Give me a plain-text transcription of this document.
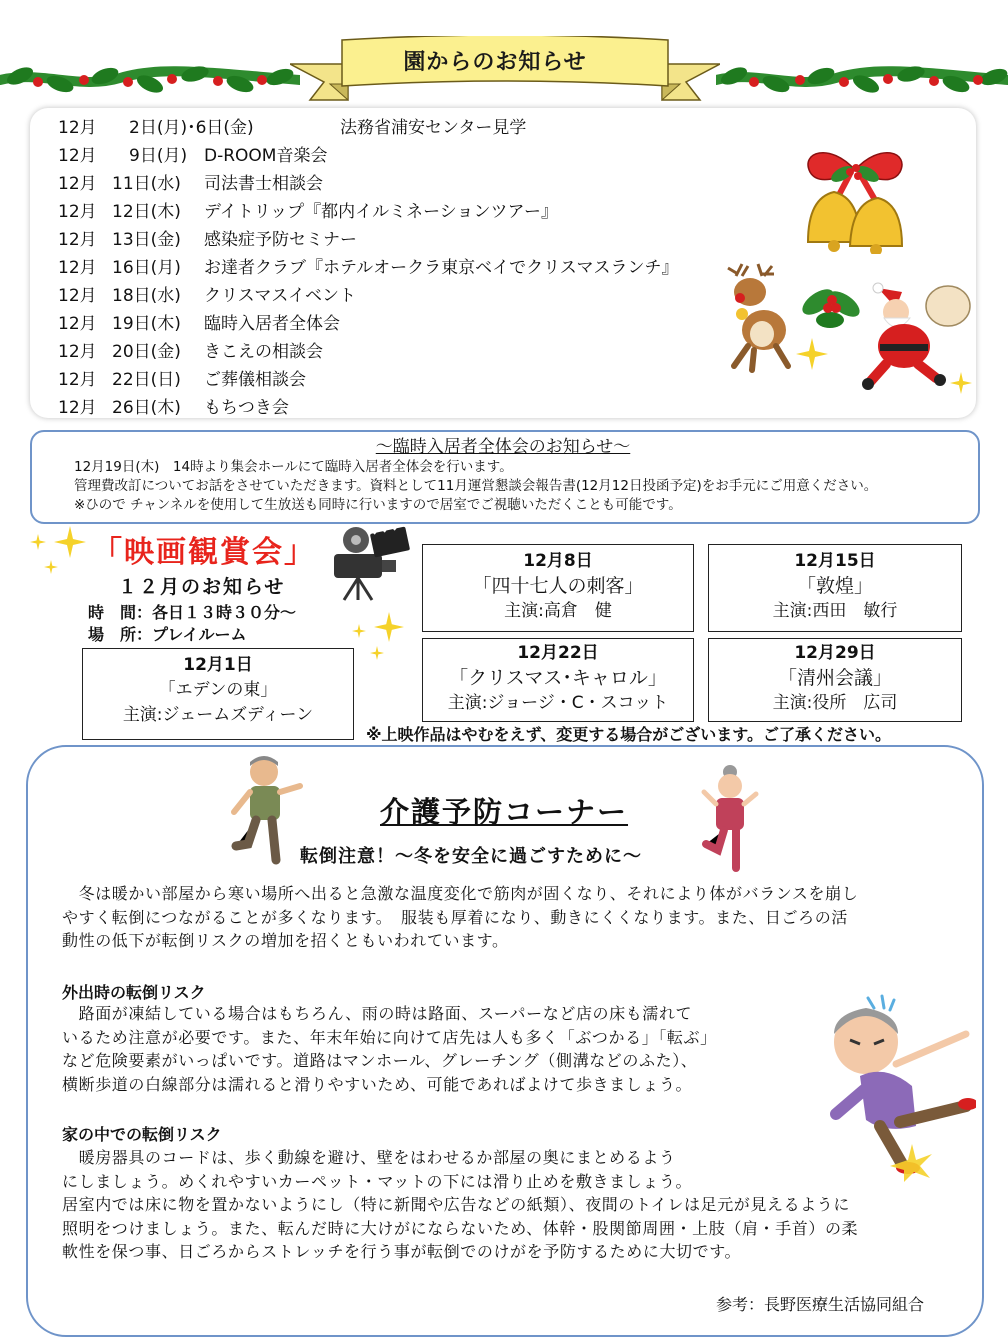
園からのお知らせ
12月　2日(月)･6日(金)	法務省浦安センター見学
12月　9日(月) D-ROOM音楽会
12月 11日(水) 司法書士相談会
12月 12日(木) デイトリップ『都内イルミネーションツアー』
12月 13日(金) 感染症予防セミナー
12月 16日(月) お達者クラブ『ホテルオークラ東京ベイでクリスマスランチ』
12月 18日(水) クリスマスイベント
12月 19日(木) 臨時入居者全体会
12月 20日(金) きこえの相談会
12月 22日(日) ご葬儀相談会
12月 26日(木) もちつき会
～臨時入居者全体会のお知らせ～
12月19日(木)　14時より集会ホールにて臨時入居者全体会を行います。
管理費改訂についてお話をさせていただきます。資料として11月運営懇談会報告書(12月12日投函予定)をお手元にご用意ください。
※ひので チャンネルを使用して生放送も同時に行いますので居室でご視聴いただくことも可能です。
「映画観賞会」
１２月のお知らせ
時　間：各日１３時３０分～
場　所：プレイルーム
12月1日
「エデンの東」
主演:ジェームズディーン
12月8日
「四十七人の刺客」
主演:高倉　健
12月15日
「敦煌」
主演:西田　敏行
12月22日
「クリスマス･キャロル」
主演:ジョージ・C・スコット
12月29日
「清州会議」
主演:役所　広司
※上映作品はやむをえず、変更する場合がございます。ご了承ください。
介護予防コーナー
転倒注意！～冬を安全に過ごすために～
　冬は暖かい部屋から寒い場所へ出ると急激な温度変化で筋肉が固くなり、それにより体がバランスを崩し
やすく転倒につながることが多くなります。　服装も厚着になり、動きにくくなります。また、日ごろの活
動性の低下が転倒リスクの増加を招くともいわれています。
外出時の転倒リスク
　路面が凍結している場合はもちろん、雨の時は路面、スーパーなど店の床も濡れて
いるため注意が必要です。また、年末年始に向けて店先は人も多く「ぶつかる」「転ぶ」
など危険要素がいっぱいです。道路はマンホール、グレーチング（側溝などのふた）、
横断歩道の白線部分は濡れると滑りやすいため、可能であればよけて歩きましょう。
家の中での転倒リスク
　暖房器具のコードは、歩く動線を避け、壁をはわせるか部屋の奥にまとめるよう
にしましょう。めくれやすいカーペット・マットの下には滑り止めを敷きましょう。
居室内では床に物を置かないようにし（特に新聞や広告などの紙類）、夜間のトイレは足元が見えるように
照明をつけましょう。また、転んだ時に大けがにならないため、体幹・股関節周囲・上肢（肩・手首）の柔
軟性を保つ事、日ごろからストレッチを行う事が転倒でのけがを予防するために大切です。
参考：長野医療生活協同組合
